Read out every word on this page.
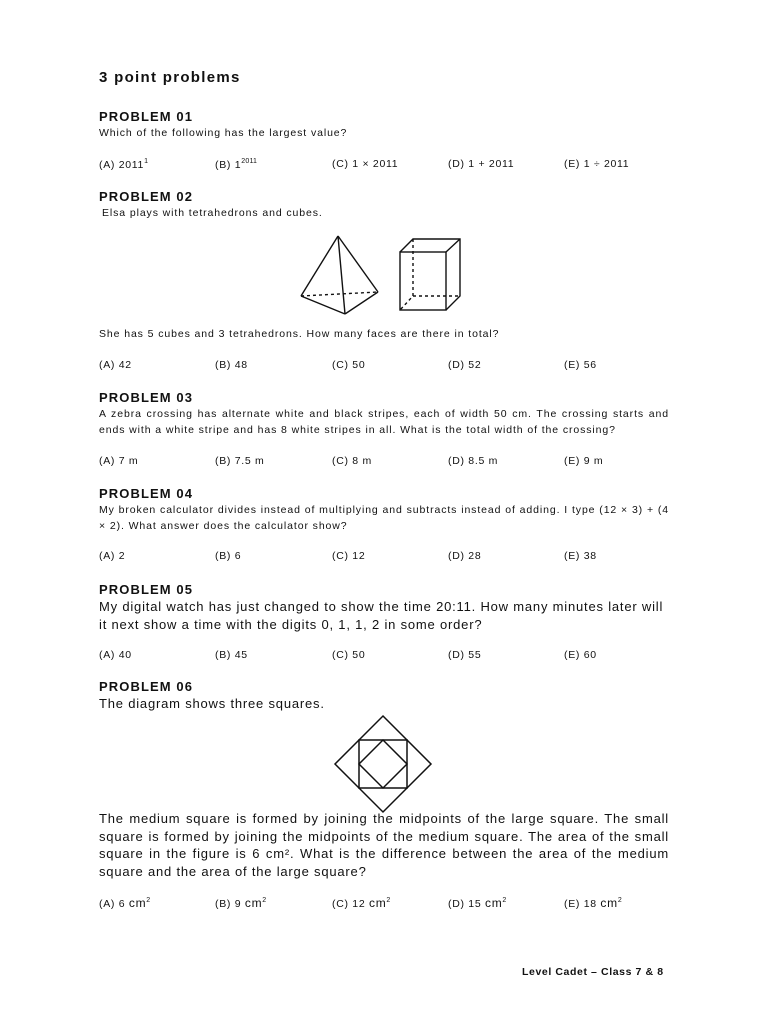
3 point problems

PROBLEM 01

Which of the following has the largest value?

(A) 2011$^1$	(B) $1^{2011}$	(C) 1 × 2011	(D) 1 + 2011	(E) 1 ÷ 2011

PROBLEM 02

Elsa plays with tetrahedrons and cubes.

She has 5 cubes and 3 tetrahedrons. How many faces are there in total?

(A) 42	(B) 48	(C) 50	(D) 52	(E) 56

PROBLEM 03

A zebra crossing has alternate white and black stripes, each of width 50 cm. The crossing starts and ends with a white stripe and has 8 white stripes in all. What is the total width of the crossing?

(A) 7 m	(B) 7.5 m	(C) 8 m	(D) 8.5 m	(E) 9 m

PROBLEM 04

My broken calculator divides instead of multiplying and subtracts instead of adding. I type (12 × 3) + (4 × 2). What answer does the calculator show?

(A) 2	(B) 6	(C) 12	(D) 28	(E) 38

PROBLEM 05

My digital watch has just changed to show the time 20:11. How many minutes later will it next show a time with the digits 0, 1, 1, 2 in some order?

(A) 40	(B) 45	(C) 50	(D) 55	(E) 60

PROBLEM 06

The diagram shows three squares.

The medium square is formed by joining the midpoints of the large square. The small square is formed by joining the midpoints of the medium square. The area of the small square in the figure is 6 cm². What is the difference between the area of the medium square and the area of the large square?

(A) 6 $cm^2$	(B) 9 $cm^2$	(C) 12 $cm^2$	(D) 15 $cm^2$	(E) 18 $cm^2$
Level Cadet – Class 7 & 8
